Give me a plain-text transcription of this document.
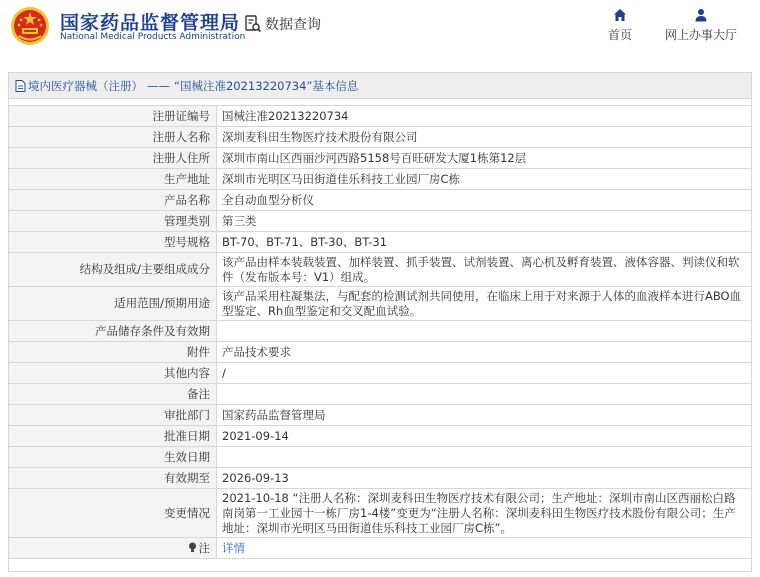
国家药品监督管理局
National Medical Products Administration
数据查询
首页	网上办事大厅
境内医疗器械（注册） —— “国械注准20213220734”基本信息
注册证编号	国械注准20213220734
注册人名称	深圳麦科田生物医疗技术股份有限公司
注册人住所	深圳市南山区西丽沙河西路5158号百旺研发大厦1栋第12层
生产地址	深圳市光明区马田街道佳乐科技工业园厂房C栋
产品名称	全自动血型分析仪
管理类别	第三类
型号规格	BT-70、BT-71、BT-30、BT-31
结构及组成/主要组成成分	该产品由样本装载装置、加样装置、抓手装置、试剂装置、离心机及孵育装置、液体容器、判读仪和软件（发布版本号：V1）组成。
适用范围/预期用途	该产品采用柱凝集法，与配套的检测试剂共同使用，在临床上用于对来源于人体的血液样本进行ABO血型鉴定、Rh血型鉴定和交叉配血试验。
产品储存条件及有效期	
附件	产品技术要求
其他内容	/
备注	
审批部门	国家药品监督管理局
批准日期	2021-09-14
生效日期	
有效期至	2026-09-13
变更情况	2021-10-18 “注册人名称：深圳麦科田生物医疗技术有限公司；生产地址：深圳市南山区西丽松白路南岗第一工业园十一栋厂房1-4楼”变更为“注册人名称：深圳麦科田生物医疗技术股份有限公司；生产地址：深圳市光明区马田街道佳乐科技工业园厂房C栋”。
注	详情
